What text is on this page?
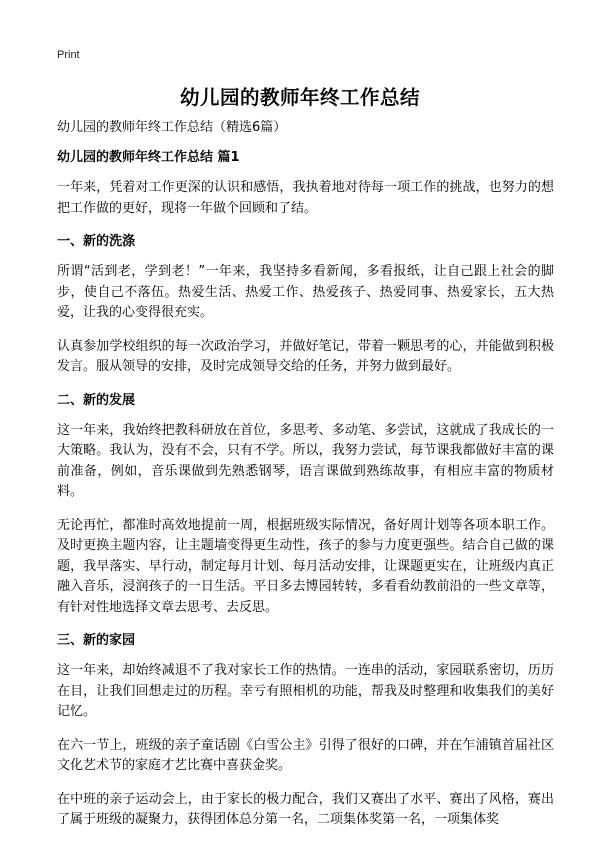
Print
幼儿园的教师年终工作总结

幼儿园的教师年终工作总结（精选6篇）

幼儿园的教师年终工作总结 篇1

一年来，凭着对工作更深的认识和感悟，我执着地对待每一项工作的挑战，也努力的想把工作做的更好，现将一年做个回顾和了结。

一、新的洗涤

所谓“活到老，学到老！”一年来，我坚持多看新闻，多看报纸，让自己跟上社会的脚步，使自己不落伍。热爱生活、热爱工作、热爱孩子、热爱同事、热爱家长，五大热爱，让我的心变得很充实。

认真参加学校组织的每一次政治学习，并做好笔记，带着一颗思考的心，并能做到积极发言。服从领导的安排，及时完成领导交给的任务，并努力做到最好。

二、新的发展

这一年来，我始终把教科研放在首位，多思考、多动笔、多尝试，这就成了我成长的一大策略。我认为，没有不会，只有不学。所以，我努力尝试，每节课我都做好丰富的课前准备，例如，音乐课做到先熟悉钢琴，语言课做到熟练故事，有相应丰富的物质材料。

无论再忙，都准时高效地提前一周，根据班级实际情况，备好周计划等各项本职工作。及时更换主题内容，让主题墙变得更生动性，孩子的参与力度更强些。结合自己做的课题，我早落实、早行动，制定每月计划、每月活动安排，让课题更实在，让班级内真正融入音乐，浸润孩子的一日生活。平日多去博园转转，多看看幼教前沿的一些文章等，有针对性地选择文章去思考、去反思。

三、新的家园

这一年来，却始终减退不了我对家长工作的热情。一连串的活动，家园联系密切，历历在目，让我们回想走过的历程。幸亏有照相机的功能，帮我及时整理和收集我们的美好记忆。

在六一节上，班级的亲子童话剧《白雪公主》引得了很好的口碑，并在乍浦镇首届社区文化艺术节的家庭才艺比赛中喜获金奖。

在中班的亲子运动会上，由于家长的极力配合，我们又赛出了水平、赛出了风格，赛出了属于班级的凝聚力，获得团体总分第一名，二项集体奖第一名，一项集体奖
